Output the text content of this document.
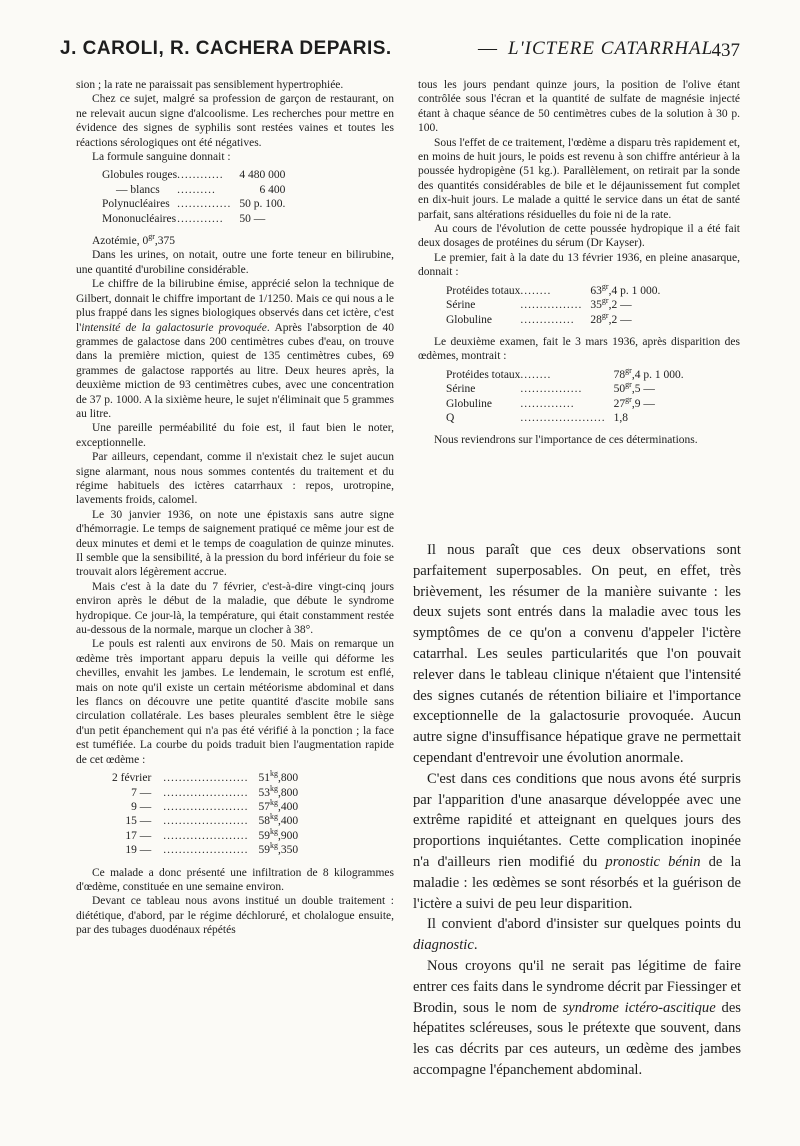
J. CAROLI, R. CACHERA DEPARIS.	— L'ICTERE CATARRHAL
437

sion ; la rate ne paraissait pas sensiblement hypertrophiée.

Chez ce sujet, malgré sa profession de garçon de restaurant, on ne relevait aucun signe d'alcoolisme. Les recherches pour mettre en évidence des signes de syphilis sont restées vaines et toutes les réactions sérologiques ont été négatives.

La formule sanguine donnait :

Globules rouges	............	4 480 000
— blancs	..........	6 400
Polynucléaires	..............	50 p. 100.
Mononucléaires	............	50 —

Azotémie, $0^{gr},375$

Dans les urines, on notait, outre une forte teneur en bilirubine, une quantité d'urobiline considérable.

Le chiffre de la bilirubine émise, apprécié selon la technique de Gilbert, donnait le chiffre important de 1/1250. Mais ce qui nous a le plus frappé dans les signes biologiques observés dans cet ictère, c'est l'intensité de la galactosurie provoquée. Après l'absorption de 40 grammes de galactose dans 200 centimètres cubes d'eau, on trouve dans la première miction, quiest de 135 centimètres cubes, 69 grammes de galactose rapportés au litre. Deux heures après, la deuxième miction de 93 centimètres cubes, avec une concentration de 37 p. 1000. A la sixième heure, le sujet n'éliminait que 5 grammes au litre.

Une pareille perméabilité du foie est, il faut bien le noter, exceptionnelle.

Par ailleurs, cependant, comme il n'existait chez le sujet aucun signe alarmant, nous nous sommes contentés du traitement et du régime habituels des ictères catarrhaux : repos, urotropine, lavements froids, calomel.

Le 30 janvier 1936, on note une épistaxis sans autre signe d'hémorragie. Le temps de saignement pratiqué ce même jour est de deux minutes et demi et le temps de coagulation de quinze minutes. Il semble que la sensibilité, à la pression du bord inférieur du foie se trouvait alors légèrement accrue.

Mais c'est à la date du 7 février, c'est-à-dire vingt-cinq jours environ après le début de la maladie, que débute le syndrome hydropique. Ce jour-là, la température, qui était constamment restée au-dessous de la normale, marque un clocher à 38°.

Le pouls est ralenti aux environs de 50. Mais on remarque un œdème très important apparu depuis la veille qui déforme les chevilles, envahit les jambes. Le lendemain, le scrotum est enflé, mais on note qu'il existe un certain météorisme abdominal et dans les flancs on découvre une petite quantité d'ascite mobile sans circulation collatérale. Les bases pleurales semblent être le siège d'un petit épanchement qui n'a pas été vérifié à la ponction ; la face est tuméfiée. La courbe du poids traduit bien l'augmentation rapide de cet œdème :

2 février	......................	$51^{kg},800$
7 —	......................	$53^{kg},800$
9 —	......................	$57^{kg},400$
15 —	......................	$58^{kg},400$
17 —	......................	$59^{kg},900$
19 —	......................	$59^{kg},350$

Ce malade a donc présenté une infiltration de 8 kilogrammes d'œdème, constituée en une semaine environ.

Devant ce tableau nous avons institué un double traitement : diététique, d'abord, par le régime déchloruré, et cholalogue ensuite, par des tubages duodénaux répétés

tous les jours pendant quinze jours, la position de l'olive étant contrôlée sous l'écran et la quantité de sulfate de magnésie injecté étant à chaque séance de 50 centimètres cubes de la solution à 30 p. 100.

Sous l'effet de ce traitement, l'œdème a disparu très rapidement et, en moins de huit jours, le poids est revenu à son chiffre antérieur à la poussée hydropigène (51 kg.). Parallèlement, on retirait par la sonde des quantités considérables de bile et le déjaunissement fut complet en dix-huit jours. Le malade a quitté le service dans un état de santé parfait, sans altérations résiduelles du foie ni de la rate.

Au cours de l'évolution de cette poussée hydropique il a été fait deux dosages de protéines du sérum (Dr Kayser).

Le premier, fait à la date du 13 février 1936, en pleine anasarque, donnait :

Protéides totaux	........	$63^{gr},4$ p. 1 000.
Sérine	................	$35^{gr},2$ —
Globuline	..............	$28^{gr},2$ —

Le deuxième examen, fait le 3 mars 1936, après disparition des œdèmes, montrait :

Protéides totaux	........	$78^{gr},4$ p. 1 000.
Sérine	................	$50^{gr},5$ —
Globuline	..............	$27^{gr},9$ —
Q	......................	1,8

Nous reviendrons sur l'importance de ces déterminations.

Il nous paraît que ces deux observations sont parfaitement superposables. On peut, en effet, très brièvement, les résumer de la manière suivante : les deux sujets sont entrés dans la maladie avec tous les symptômes de ce qu'on a convenu d'appeler l'ictère catarrhal. Les seules particularités que l'on pouvait relever dans le tableau clinique n'étaient que l'intensité des signes cutanés de rétention biliaire et l'importance exceptionnelle de la galactosurie provoquée. Aucun autre signe d'insuffisance hépatique grave ne permettait cependant d'entrevoir une évolution anormale.

C'est dans ces conditions que nous avons été surpris par l'apparition d'une anasarque développée avec une extrême rapidité et atteignant en quelques jours des proportions inquiétantes. Cette complication inopinée n'a d'ailleurs rien modifié du pronostic bénin de la maladie : les œdèmes se sont résorbés et la guérison de l'ictère a suivi de peu leur disparition.

Il convient d'abord d'insister sur quelques points du diagnostic.

Nous croyons qu'il ne serait pas légitime de faire entrer ces faits dans le syndrome décrit par Fiessinger et Brodin, sous le nom de syndrome ictéro-ascitique des hépatites scléreuses, sous le prétexte que souvent, dans les cas décrits par ces auteurs, un œdème des jambes accompagne l'épanchement abdominal.
